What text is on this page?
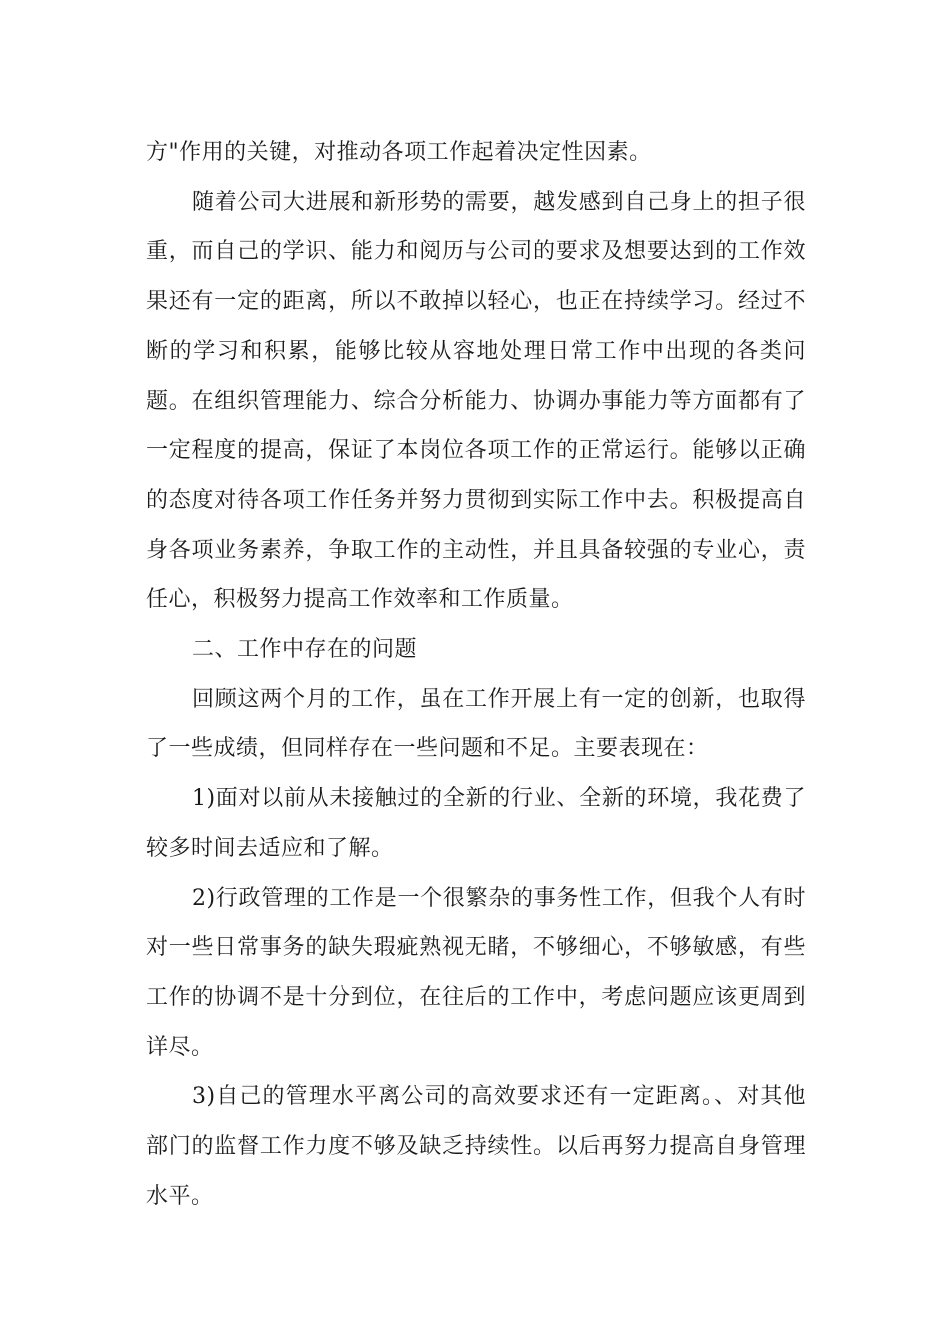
方"作用的关键，对推动各项工作起着决定性因素。

随着公司大进展和新形势的需要，越发感到自己身上的担子很重，而自己的学识、能力和阅历与公司的要求及想要达到的工作效果还有一定的距离，所以不敢掉以轻心，也正在持续学习。经过不断的学习和积累，能够比较从容地处理日常工作中出现的各类问题。在组织管理能力、综合分析能力、协调办事能力等方面都有了一定程度的提高，保证了本岗位各项工作的正常运行。能够以正确的态度对待各项工作任务并努力贯彻到实际工作中去。积极提高自身各项业务素养，争取工作的主动性，并且具备较强的专业心，责任心，积极努力提高工作效率和工作质量。

二、工作中存在的问题

回顾这两个月的工作，虽在工作开展上有一定的创新，也取得了一些成绩，但同样存在一些问题和不足。主要表现在：

1)面对以前从未接触过的全新的行业、全新的环境，我花费了较多时间去适应和了解。

2)行政管理的工作是一个很繁杂的事务性工作，但我个人有时对一些日常事务的缺失瑕疵熟视无睹，不够细心，不够敏感，有些工作的协调不是十分到位，在往后的工作中，考虑问题应该更周到详尽。

3)自己的管理水平离公司的高效要求还有一定距离。、对其他部门的监督工作力度不够及缺乏持续性。以后再努力提高自身管理水平。
